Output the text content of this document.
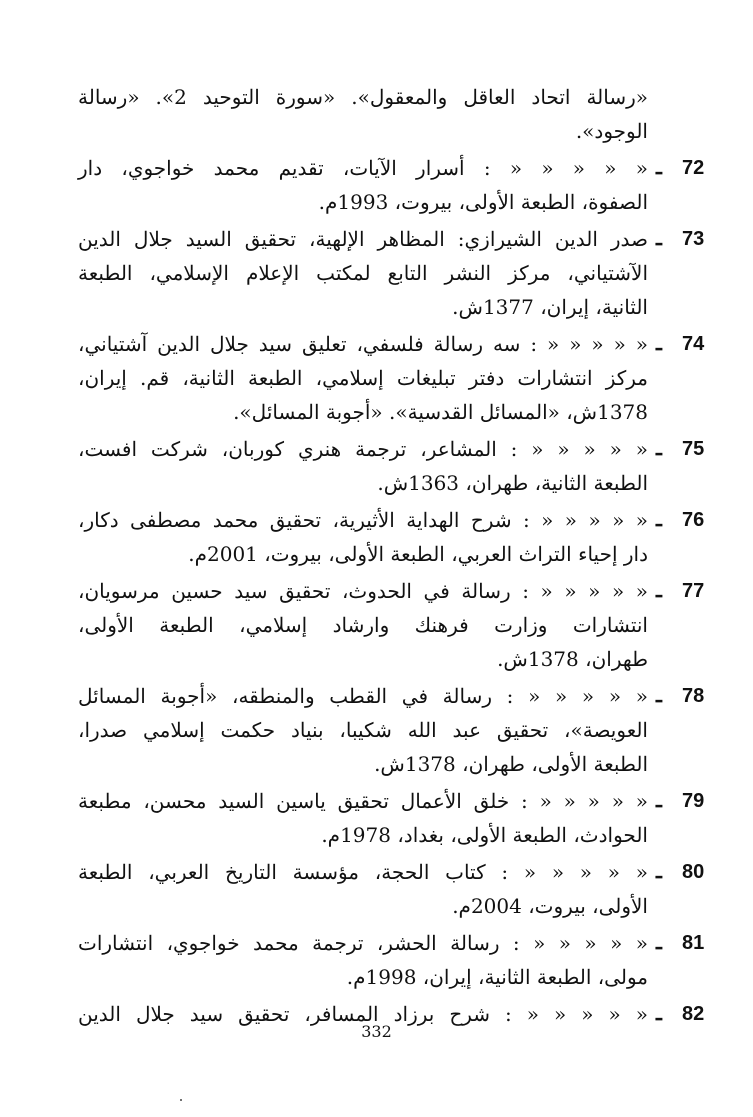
«رسالة اتحاد العاقل والمعقول». «سورة التوحيد 2». «رسالة
الوجود».
ـ 72
« « « « « : أسرار الآيات، تقديم محمد خواجوي، دار
الصفوة، الطبعة الأولى، بيروت، 1993م.
ـ 73
صدر الدين الشيرازي: المظاهر الإلهية، تحقيق السيد جلال الدين
الآشتياني، مركز النشر التابع لمكتب الإعلام الإسلامي، الطبعة
الثانية، إيران، 1377ش.
ـ 74
« « « « « : سه رسالة فلسفي، تعليق سيد جلال الدين آشتياني،
مركز انتشارات دفتر تبليغات إسلامي، الطبعة الثانية، قم. إيران،
1378ش، «المسائل القدسية». «أجوبة المسائل».
ـ 75
« « « « « : المشاعر، ترجمة هنري كوربان، شركت افست،
الطبعة الثانية، طهران، 1363ش.
ـ 76
« « « « « : شرح الهداية الأثيرية، تحقيق محمد مصطفى دكار،
دار إحياء التراث العربي، الطبعة الأولى، بيروت، 2001م.
ـ 77
« « « « « : رسالة في الحدوث، تحقيق سيد حسين مرسويان،
انتشارات وزارت فرهنك وارشاد إسلامي، الطبعة الأولى،
طهران، 1378ش.
ـ 78
« « « « « : رسالة في القطب والمنطقه، «أجوبة المسائل
العويصة»، تحقيق عبد الله شكيبا، بنياد حكمت إسلامي صدرا،
الطبعة الأولى، طهران، 1378ش.
ـ 79
« « « « « : خلق الأعمال تحقيق ياسين السيد محسن، مطبعة
الحوادث، الطبعة الأولى، بغداد، 1978م.
ـ 80
« « « « « : كتاب الحجة، مؤسسة التاريخ العربي، الطبعة
الأولى، بيروت، 2004م.
ـ 81
« « « « « : رسالة الحشر، ترجمة محمد خواجوي، انتشارات
مولى، الطبعة الثانية، إيران، 1998م.
ـ 82
« « « « « : شرح برزاد المسافر، تحقيق سيد جلال الدين
332
